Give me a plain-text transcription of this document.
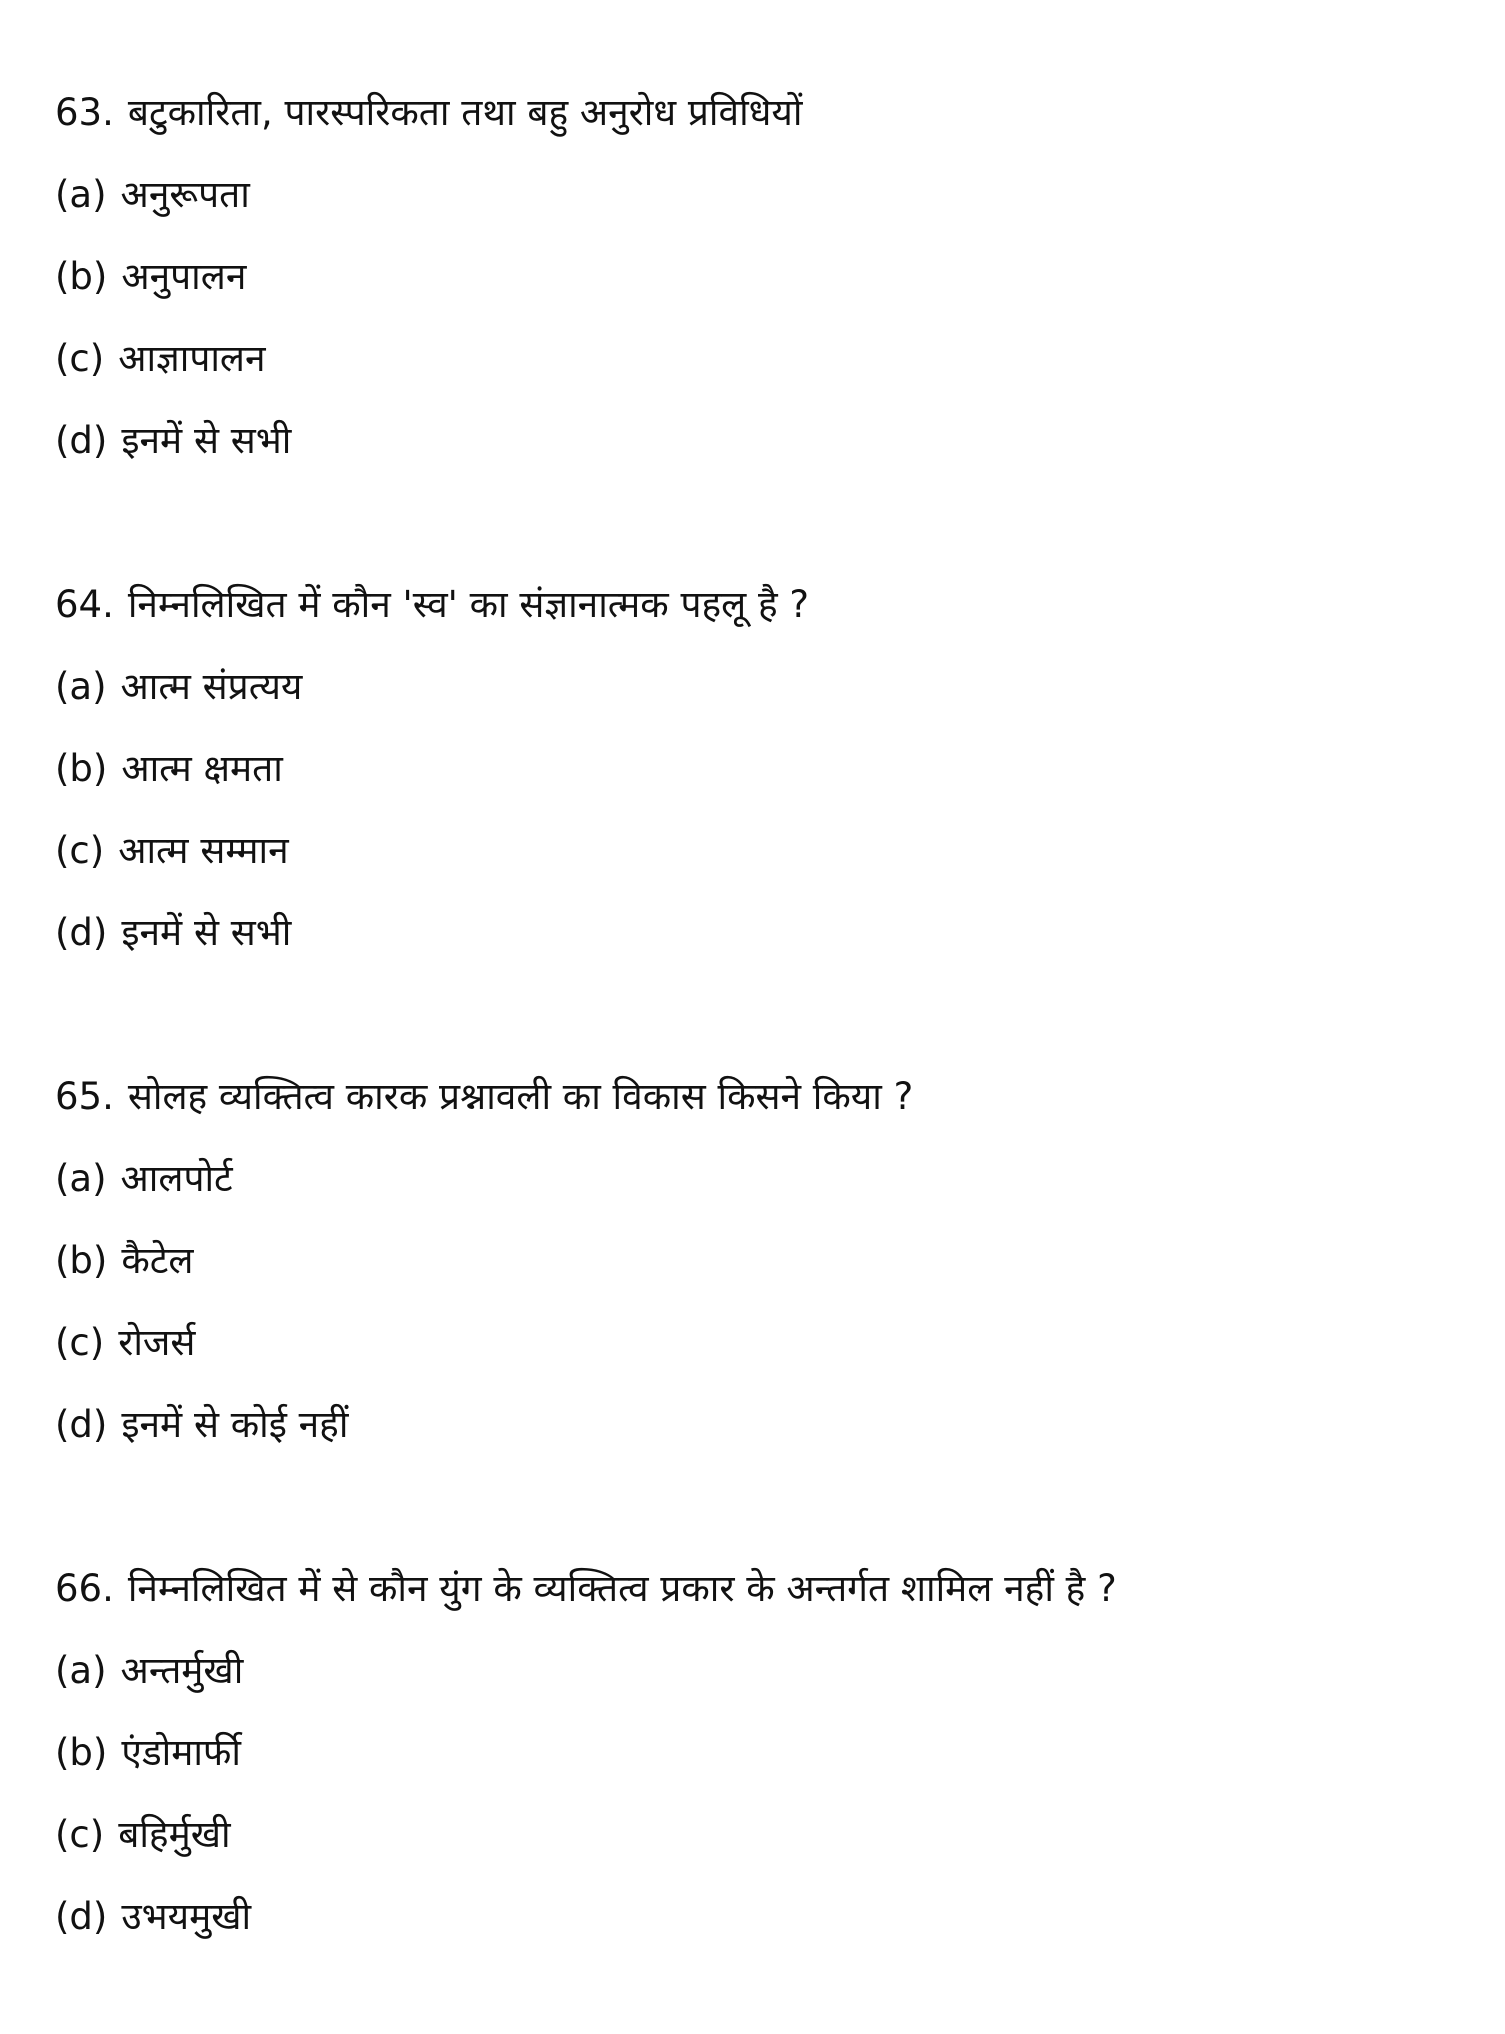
63. बटुकारिता, पारस्परिकता तथा बहु अनुरोध प्रविधियों
(a) अनुरूपता
(b) अनुपालन
(c) आज्ञापालन
(d) इनमें से सभी
64. निम्नलिखित में कौन 'स्व' का संज्ञानात्मक पहलू है ?
(a) आत्म संप्रत्यय
(b) आत्म क्षमता
(c) आत्म सम्मान
(d) इनमें से सभी
65. सोलह व्यक्तित्व कारक प्रश्नावली का विकास किसने किया ?
(a) आलपोर्ट
(b) कैटेल
(c) रोजर्स
(d) इनमें से कोई नहीं
66. निम्नलिखित में से कौन युंग के व्यक्तित्व प्रकार के अन्तर्गत शामिल नहीं है ?
(a) अन्तर्मुखी
(b) एंडोमार्फी
(c) बहिर्मुखी
(d) उभयमुखी
